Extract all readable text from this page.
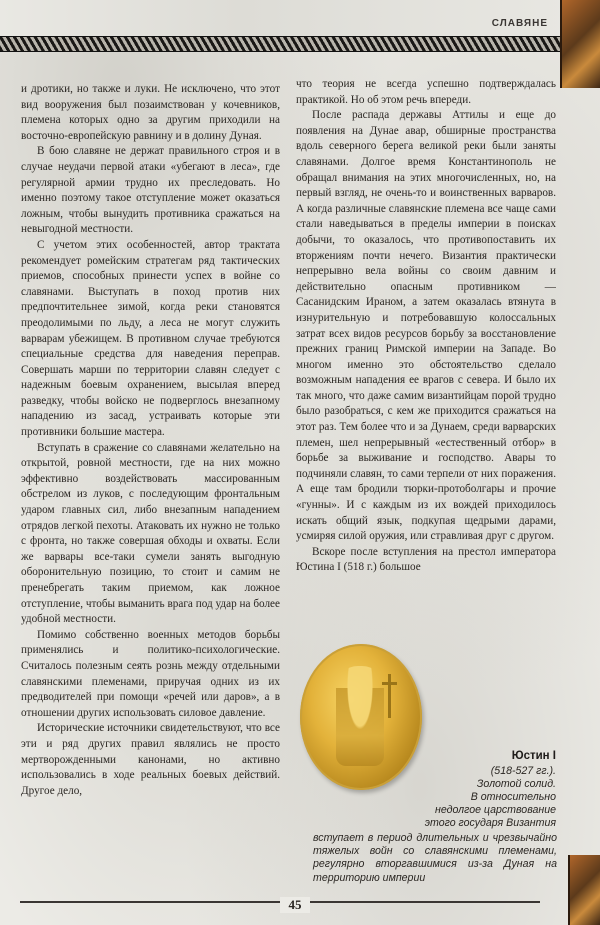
СЛАВЯНЕ

и дротики, но также и луки. Не исключено, что этот вид вооружения был позаимствован у кочевников, племена которых одно за другим приходили на восточно-европейскую равнину и в долину Дуная.

В бою славяне не держат правильного строя и в случае неудачи первой атаки «убегают в леса», где регулярной армии трудно их преследовать. Но именно поэтому такое отступление может оказаться ложным, чтобы вынудить противника сражаться на невыгодной местности.

С учетом этих особенностей, автор трактата рекомендует ромейским стратегам ряд тактических приемов, способных принести успех в войне со славянами. Выступать в поход против них предпочтительнее зимой, когда реки становятся преодолимыми по льду, а леса не могут служить варварам убежищем. В противном случае требуются специальные средства для наведения переправ. Совершать марши по территории славян следует с надежным боевым охранением, высылая вперед разведку, чтобы войско не подверглось внезапному нападению из засад, устраивать которые эти противники большие мастера.

Вступать в сражение со славянами желательно на открытой, ровной местности, где на них можно эффективно воздействовать массированным обстрелом из луков, с последующим фронтальным ударом главных сил, либо внезапным нападением отрядов легкой пехоты. Атаковать их нужно не только с фронта, но также совершая обходы и охваты. Если же варвары все-таки сумели занять выгодную оборонительную позицию, то стоит и самим не пренебрегать таким приемом, как ложное отступление, чтобы выманить врага под удар на более удобной местности.

Помимо собственно военных методов борьбы применялись и политико-психологические. Считалось полезным сеять рознь между отдельными славянскими племенами, приручая одних из их предводителей при помощи «речей или даров», а в отношении других использовать силовое давление.

Исторические источники свидетельствуют, что все эти и ряд других правил являлись не просто мертворожденными канонами, но активно использовались в ходе реальных боевых действий. Другое дело,

что теория не всегда успешно подтверждалась практикой. Но об этом речь впереди.

После распада державы Аттилы и еще до появления на Дунае авар, обширные пространства вдоль северного берега великой реки были заняты славянами. Долгое время Константинополь не обращал внимания на этих многочисленных, но, на первый взгляд, не очень-то и воинственных варваров. А когда различные славянские племена все чаще сами стали наведываться в пределы империи в поисках добычи, то оказалось, что противопоставить их вторжениям почти нечего. Византия практически непрерывно вела войны со своим давним и действительно опасным противником — Сасанидским Ираном, а затем оказалась втянута в изнурительную и потребовавшую колоссальных затрат всех видов ресурсов борьбу за восстановление прежних границ Римской империи на Западе. Во многом именно это обстоятельство сделало возможным нападения ее врагов с севера. И было их так много, что даже самим византийцам порой трудно было разобраться, с кем же приходится сражаться на этот раз. Тем более что и за Дунаем, среди варварских племен, шел непрерывный «естественный отбор» в борьбе за выживание и господство. Авары то подчиняли славян, то сами терпели от них поражения. А еще там бродили тюрки-протоболгары и прочие «гунны». И с каждым из их вождей приходилось искать общий язык, подкупая щедрыми дарами, усмиряя силой оружия, или стравливая друг с другом.

Вскоре после вступления на престол императора Юстина I (518 г.) большое

Юстин I
(518-527 гг.).
Золотой солид.
В относительно
недолгое царствование
этого государя Византия
вступает в период длительных и чрезвычайно тяжелых войн со славянскими племенами, регулярно вторгавшимися из-за Дуная на территорию империи
45
